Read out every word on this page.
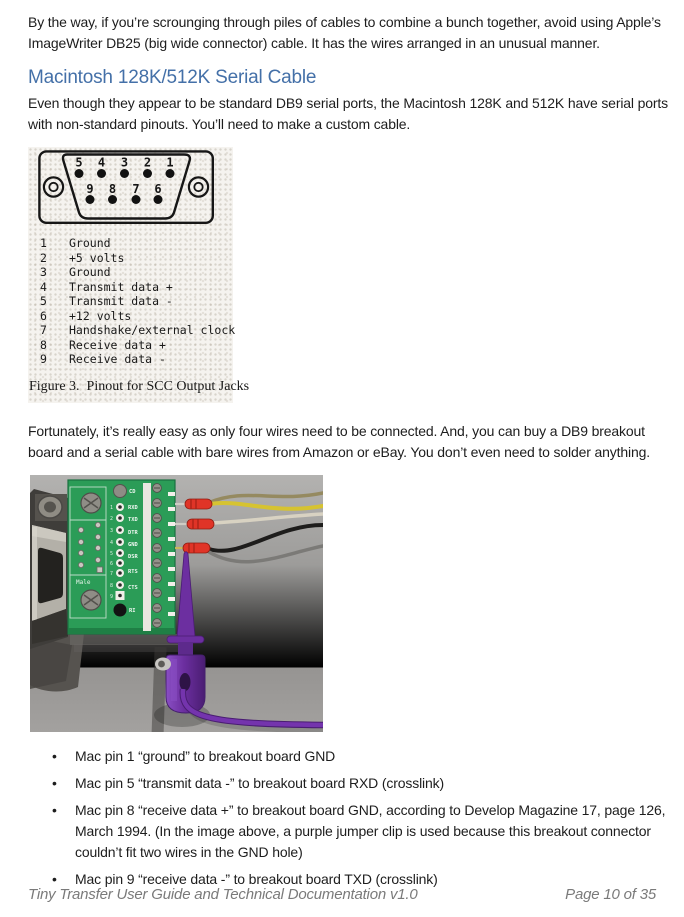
By the way, if you’re scrounging through piles of cables to combine a bunch together, avoid using Apple’s
ImageWriter DB25 (big wide connector) cable. It has the wires arranged in an unusual manner.

Macintosh 128K/512K Serial Cable

Even though they appear to be standard DB9 serial ports, the Macintosh 128K and 512K have serial ports
with non-standard pinouts. You’ll need to make a custom cable.

5 4 3 2 1
9 8 7 6
1	Ground
2	+5 volts
3	Ground
4	Transmit data +
5	Transmit data -
6	+12 volts
7	Handshake/external clock
8	Receive data +
9	Receive data -
Figure 3.  Pinout for SCC Output Jacks

Fortunately, it’s really easy as only four wires need to be connected. And, you can buy a DB9 breakout
board and a serial cable with bare wires from Amazon or eBay. You don’t even need to solder anything.

Male
1
2
3
4
5
6
7
8
9
CD
RXD
TXD
DTR
GND
DSR
RTS
CTS
RI
• Mac pin 1 “ground” to breakout board GND
• Mac pin 5 “transmit data -” to breakout board RXD (crosslink)
• Mac pin 8 “receive data +” to breakout board GND, according to Develop Magazine 17, page 126,
March 1994. (In the image above, a purple jumper clip is used because this breakout connector
couldn’t fit two wires in the GND hole)
• Mac pin 9 “receive data -” to breakout board TXD (crosslink)
Tiny Transfer User Guide and Technical Documentation v1.0	Page 10 of 35
